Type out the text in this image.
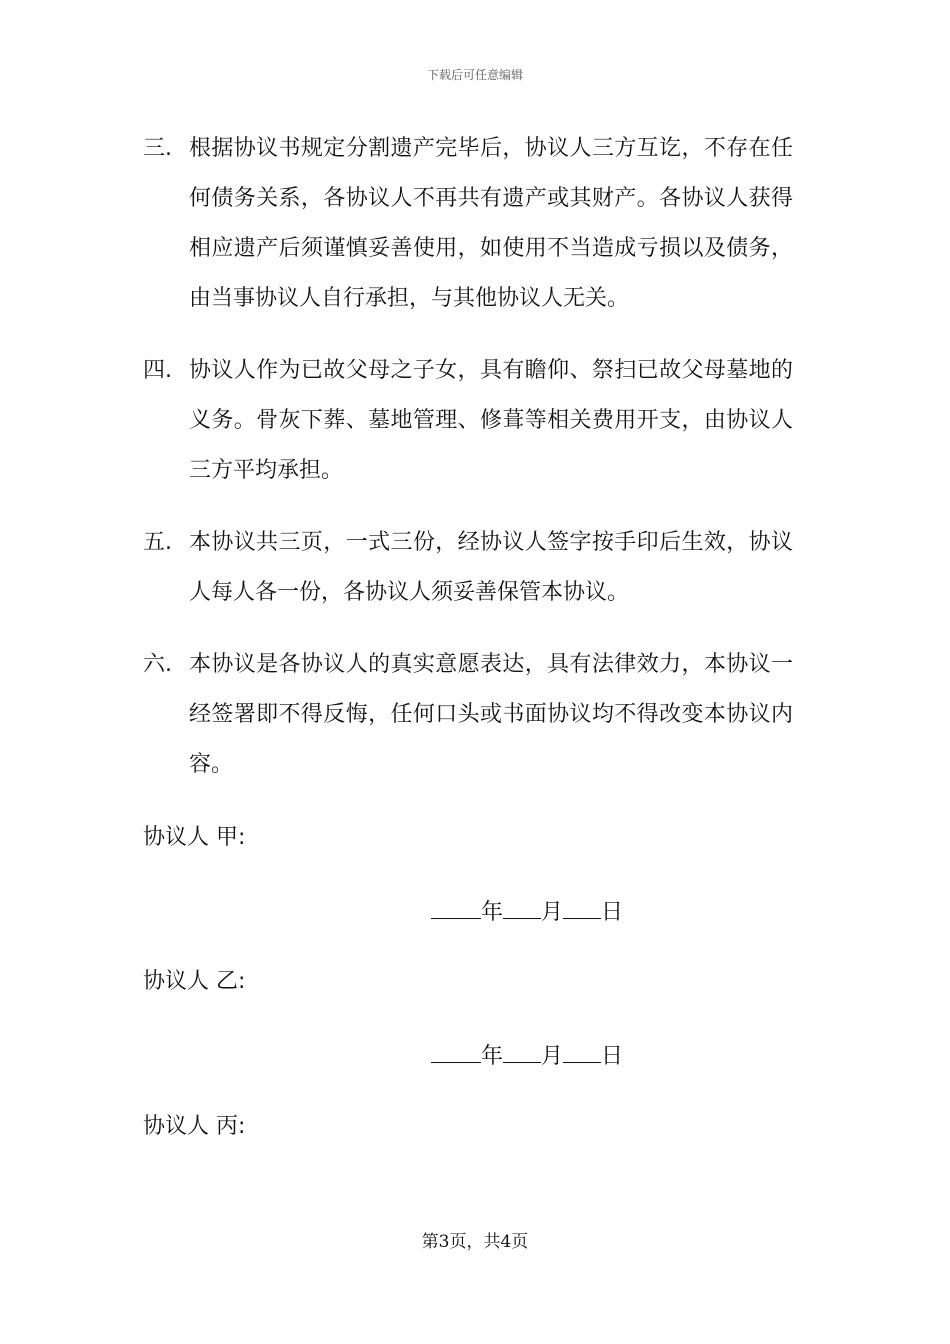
下载后可任意编辑
三. 根据协议书规定分割遗产完毕后，协议人三方互讫，不存在任何债务关系，各协议人不再共有遗产或其财产。各协议人获得相应遗产后须谨慎妥善使用，如使用不当造成亏损以及债务，由当事协议人自行承担，与其他协议人无关。
四. 协议人作为已故父母之子女，具有瞻仰、祭扫已故父母墓地的义务。骨灰下葬、墓地管理、修葺等相关费用开支，由协议人三方平均承担。
五. 本协议共三页，一式三份，经协议人签字按手印后生效，协议人每人各一份，各协议人须妥善保管本协议。
六. 本协议是各协议人的真实意愿表达，具有法律效力，本协议一经签署即不得反悔，任何口头或书面协议均不得改变本协议内容。
协议人 甲:
年 月 日
协议人 乙:
年 月 日
协议人 丙:
第3页，共4页
